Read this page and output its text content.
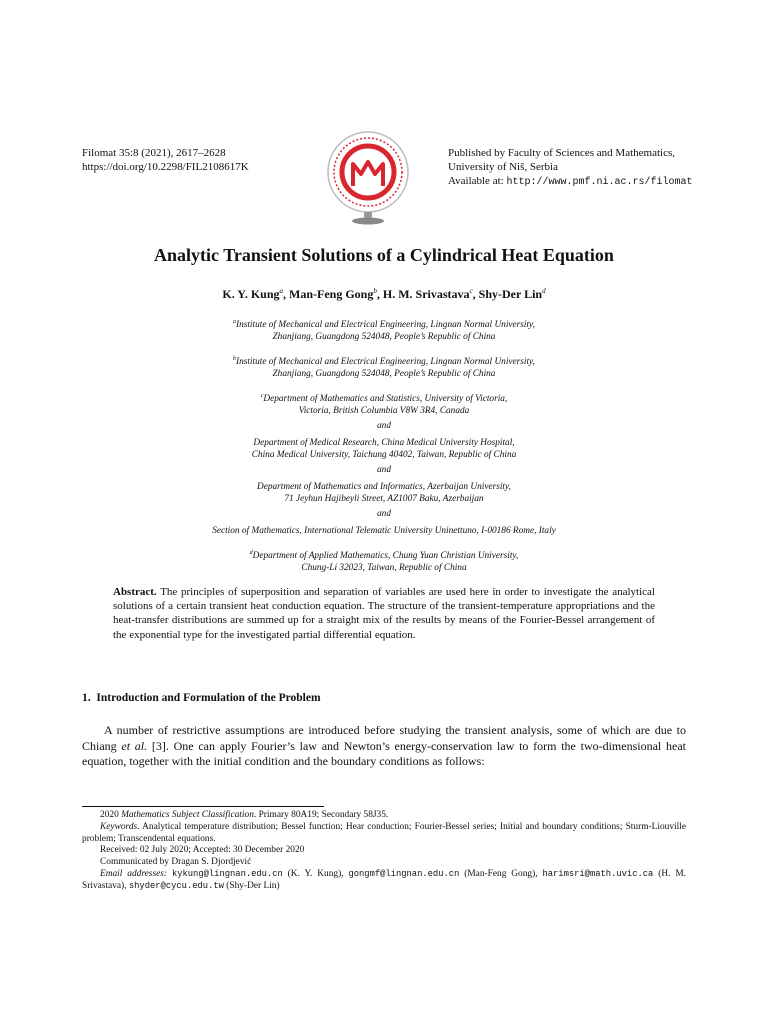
Filomat 35:8 (2021), 2617–2628
https://doi.org/10.2298/FIL2108617K
Published by Faculty of Sciences and Mathematics,
University of Niš, Serbia
Available at: http://www.pmf.ni.ac.rs/filomat
Analytic Transient Solutions of a Cylindrical Heat Equation
K. Y. Kung$^a$, Man-Feng Gong$^b$, H. M. Srivastava$^c$, Shy-Der Lin$^d$
$^a$Institute of Mechanical and Electrical Engineering, Lingnan Normal University,
Zhanjiang, Guangdong 524048, People’s Republic of China
$^b$Institute of Mechanical and Electrical Engineering, Lingnan Normal University,
Zhanjiang, Guangdong 524048, People’s Republic of China
$^c$Department of Mathematics and Statistics, University of Victoria,
Victoria, British Columbia V8W 3R4, Canada
and
Department of Medical Research, China Medical University Hospital,
China Medical University, Taichung 40402, Taiwan, Republic of China
and
Department of Mathematics and Informatics, Azerbaijan University,
71 Jeyhun Hajibeyli Street, AZ1007 Baku, Azerbaijan
and
Section of Mathematics, International Telematic University Uninettuno, I-00186 Rome, Italy
$^d$Department of Applied Mathematics, Chung Yuan Christian University,
Chung-Li 32023, Taiwan, Republic of China
Abstract. The principles of superposition and separation of variables are used here in order to investigate the analytical solutions of a certain transient heat conduction equation. The structure of the transient-temperature appropriations and the heat-transfer distributions are summed up for a straight mix of the results by means of the Fourier-Bessel arrangement of the exponential type for the investigated partial differential equation.
1. Introduction and Formulation of the Problem
A number of restrictive assumptions are introduced before studying the transient analysis, some of which are due to Chiang et al. [3]. One can apply Fourier’s law and Newton’s energy-conservation law to form the two-dimensional heat equation, together with the initial condition and the boundary conditions as follows:
2020 Mathematics Subject Classification. Primary 80A19; Secondary 58J35.
Keywords. Analytical temperature distribution; Bessel function; Hear conduction; Fourier-Bessel series; Initial and boundary conditions; Sturm-Liouville problem; Transcendental equations.
Received: 02 July 2020; Accepted: 30 December 2020
Communicated by Dragan S. Djordjević
Email addresses: kykung@lingnan.edu.cn (K. Y. Kung), gongmf@lingnan.edu.cn (Man-Feng Gong), harimsri@math.uvic.ca (H. M. Srivastava), shyder@cycu.edu.tw (Shy-Der Lin)
